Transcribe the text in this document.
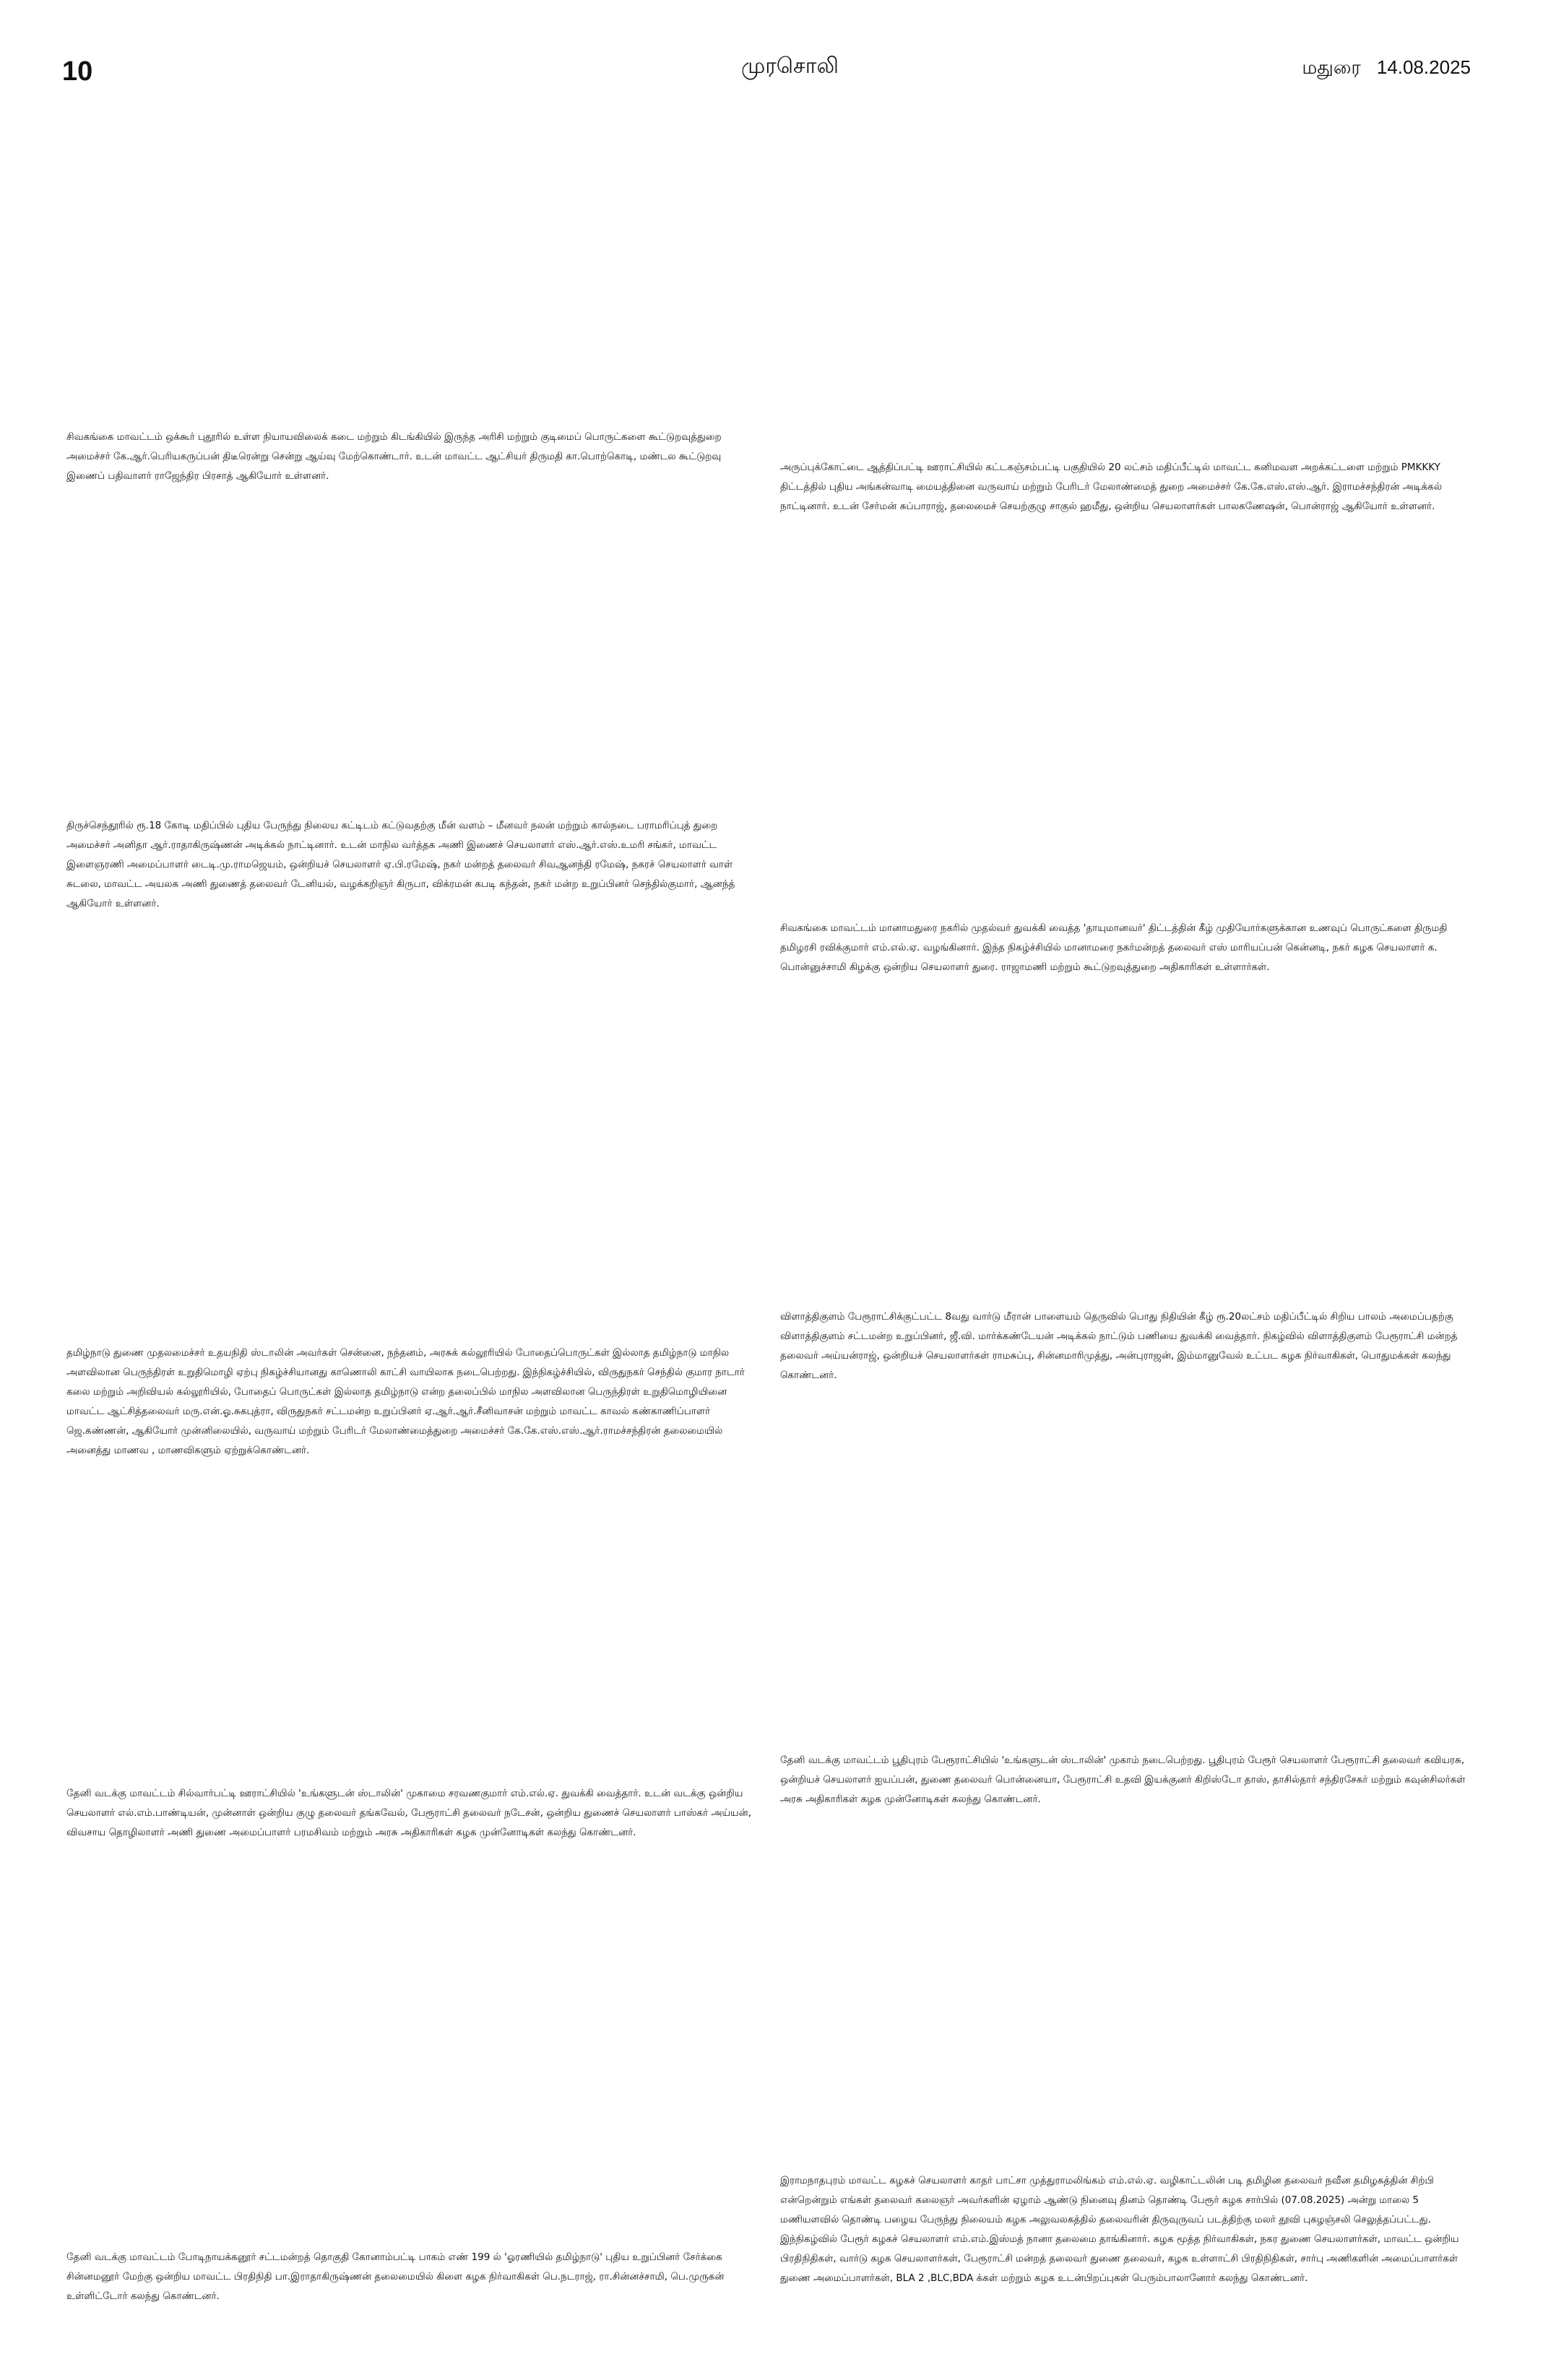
10	முரசொலி	மதுரை 14.08.2025
சிவகங்கை மாவட்டம் ஒக்கூர் புதூரில் உள்ள நியாயவிலைக் கடை மற்றும் கிடங்கியில் இருந்த அரிசி மற்றும் குடிமைப் பொருட்களை கூட்டுறவுத்துறை அமைச்சர் கே.ஆர்.பெரியகருப்பன் திடீரென்று சென்று ஆய்வு மேற்கொண்டார். உடன் மாவட்ட ஆட்சியர் திருமதி கா.பொற்கொடி, மண்டல கூட்டுறவு இணைப் பதிவாளர் ராஜேந்திர பிரசாத் ஆகியோர் உள்ளனர்.
அருப்புக்கோட்டை ஆத்திப்பட்டி ஊராட்சியில் கட்டகஞ்சம்பட்டி பகுதியில் 20 லட்சம் மதிப்பீட்டில் மாவட்ட கனிமவள அறக்கட்டளை மற்றும் PMKKKY திட்டத்தில் புதிய அங்கன்வாடி மையத்தினை வருவாய் மற்றும் பேரிடர் மேலாண்மைத் துறை அமைச்சர் கே.கே.எஸ்.எஸ்.ஆர். இராமச்சந்திரன் அடிக்கல் நாட்டினார். உடன் சேர்மன் சுப்பாராஜ், தலைமைச் செயற்குழு சாகுல் ஹமீது, ஒன்றிய செயலாளர்கள் பாலகணேஷன், பொன்ராஜ் ஆகியோர் உள்ளனர்.
திருச்செந்தூரில் ரூ.18 கோடி மதிப்பில் புதிய பேருந்து நிலைய கட்டிடம் கட்டுவதற்கு மீன் வளம் – மீனவர் நலன் மற்றும் கால்நடை பராமரிப்புத் துறை அமைச்சர் அனிதா ஆர்.ராதாகிருஷ்ணன் அடிக்கல் நாட்டினார். உடன் மாநில வர்த்தக அணி இணைச் செயலாளர் எஸ்.ஆர்.எஸ்.உமரி சங்கர், மாவட்ட இளைஞரணி அமைப்பாளர் டைடி.மு.ராமஜெயம், ஒன்றியச் செயலாளர் ஏ.பி.ரமேஷ், நகர் மன்றத் தலைவர் சிவஆனந்தி ரமேஷ், நகரச் செயலாளர் வாள் சுடலை, மாவட்ட அயலக அணி துணைத் தலைவர் டேனியல், வழக்கறிஞர் கிருபா, விக்ரமன் கபடி கந்தன், நகர் மன்ற உறுப்பினர் செந்தில்குமார், ஆனந்த் ஆகியோர் உள்ளனர்.
சிவகங்கை மாவட்டம் மானாமதுரை நகரில் முதல்வர் துவக்கி வைத்த 'தாயுமானவர்' திட்டத்தின் கீழ் முதியோர்களுக்கான உணவுப் பொருட்களை திருமதி தமிழரசி ரவிக்குமார் எம்.எல்.ஏ. வழங்கினார். இந்த நிகழ்ச்சியில் மானாமரை நகர்மன்றத் தலைவர் எஸ் மாரியப்பன் கென்னடி, நகர் கழக செயலாளர் க. பொன்னுச்சாமி கிழக்கு ஒன்றிய செயலாளர் துரை. ராஜாமணி மற்றும் கூட்டுறவுத்துறை அதிகாரிகள் உள்ளார்கள்.
விளாத்திகுளம் பேரூராட்சிக்குட்பட்ட 8வது வார்டு மீரான் பாளையம் தெருவில் பொது நிதியின் கீழ் ரூ.20லட்சம் மதிப்பீட்டில் சிறிய பாலம் அமைப்பதற்கு விளாத்திகுளம் சட்டமன்ற உறுப்பினர், ஜீ.வி. மார்க்கண்டேயன் அடிக்கல் நாட்டும் பணியை துவக்கி வைத்தார். நிகழ்வில் விளாத்திகுளம் பேரூராட்சி மன்றத் தலைவர் அய்யன்ராஜ், ஒன்றியச் செயலாளர்கள் ராமசுப்பு, சின்னமாரிமுத்து, அன்புராஜன், இம்மானுவேல் உட்பட கழக நிர்வாகிகள், பொதுமக்கள் கலந்து கொண்டனர்.
தமிழ்நாடு துணை முதலமைச்சர் உதயநிதி ஸ்டாலின் அவர்கள் சென்னை, நந்தனம், அரசுக் கல்லூரியில் போதைப்பொருட்கள் இல்லாத தமிழ்நாடு மாநில அளவிலான பெருந்திரள் உறுதிமொழி ஏற்பு நிகழ்ச்சியானது காணொலி காட்சி வாயிலாக நடைபெற்றது. இந்நிகழ்ச்சியில், விருதுநகர் செந்தில் குமார நாடார் கலை மற்றும் அறிவியல் கல்லூரியில், போதைப் பொருட்கள் இல்லாத தமிழ்நாடு என்ற தலைப்பில் மாநில அளவிலான பெருந்திரள் உறுதிமொழியினை மாவட்ட ஆட்சித்தலைவர் மரு.என்.ஓ.சுகபுத்ரா, விருதுநகர் சட்டமன்ற உறுப்பினர் ஏ.ஆர்.ஆர்.சீனிவாசன் மற்றும் மாவட்ட காவல் கண்காணிப்பாளர் ஜெ.கண்ணன், ஆகியோர் முன்னிலையில், வருவாய் மற்றும் பேரிடர் மேலாண்மைத்துறை அமைச்சர் கே.கே.எஸ்.எஸ்.ஆர்.ராமச்சந்திரன் தலைமையில் அனைத்து மாணவ , மாணவிகளும் ஏற்றுக்கொண்டனர்.
தேனி வடக்கு மாவட்டம் பூதிபுரம் பேரூராட்சியில் 'உங்களுடன் ஸ்டாலின்' முகாம் நடைபெற்றது. பூதிபுரம் பேரூர் செயலாளர் பேரூராட்சி தலைவர் கவியரசு, ஒன்றியச் செயலாளர் ஐயப்பன், துணை தலைவர் பொன்னையா, பேரூராட்சி உதவி இயக்குனர் கிறிஸ்டோ தாஸ், தாசில்தார் சந்திரசேகர் மற்றும் கவுன்சிலர்கள் அரசு அதிகாரிகள் கழக முன்னோடிகள் கலந்து கொண்டனர்.
தேனி வடக்கு மாவட்டம் சில்வார்பட்டி ஊராட்சியில் 'உங்களுடன் ஸ்டாலின்' முகாமை சரவணகுமார் எம்.எல்.ஏ. துவக்கி வைத்தார். உடன் வடக்கு ஒன்றிய செயலாளர் எல்.எம்.பாண்டியன், முன்னாள் ஒன்றிய குழு தலைவர் தங்கவேல், பேரூராட்சி தலைவர் நடேசன், ஒன்றிய துணைச் செயலாளர் பாஸ்கர் அய்யன், விவசாய தொழிலாளர் அணி துணை அமைப்பாளர் பரமசிவம் மற்றும் அரசு அதிகாரிகள் கழக முன்னோடிகள் கலந்து கொண்டனர்.
இராமநாதபுரம் மாவட்ட கழகச் செயலாளர் காதர் பாட்சா முத்துராமலிங்கம் எம்.எல்.ஏ. வழிகாட்டலின் படி தமிழின தலைவர் நவீன தமிழகத்தின் சிற்பி என்றென்றும் எங்கள் தலைவர் கலைஞர் அவர்களின் ஏழாம் ஆண்டு நினைவு தினம் தொண்டி பேரூர் கழக சார்பில் (07.08.2025) அன்று மாலை 5 மணியளவில் தொண்டி பழைய பேருந்து நிலையம் கழக அலுவலகத்தில் தலைவரின் திருவுருவப் படத்திற்கு மலர் தூவி புகழஞ்சலி செலுத்தப்பட்டது. இந்நிகழ்வில் பேரூர் கழகச் செயலாளர் எம்.எம்.இஸ்மத் நானா தலைமை தாங்கினார். கழக மூத்த நிர்வாகிகள், நகர துணை செயலாளர்கள், மாவட்ட ஒன்றிய பிரதிநிதிகள், வார்டு கழக செயலாளர்கள், பேரூராட்சி மன்றத் தலைவர் துணை தலைவர், கழக உள்ளாட்சி பிரதிநிதிகள், சார்பு அணிகளின் அமைப்பாளர்கள் துணை அமைப்பாளர்கள், BLA 2 ,BLC,BDA க்கள் மற்றும் கழக உடன்பிறப்புகள் பெரும்பாலானோர் கலந்து கொண்டனர்.
தேனி வடக்கு மாவட்டம் போடிநாயக்கனூர் சட்டமன்றத் தொகுதி கோனாம்பட்டி பாகம் எண் 199 ல் 'ஓரணியில் தமிழ்நாடு' புதிய உறுப்பினர் சேர்க்கை சின்னமனூர் மேற்கு ஒன்றிய மாவட்ட பிரதிநிதி பா.இராதாகிருஷ்ணன் தலைமையில் கிளை கழக நிர்வாகிகள் பெ.நடராஜ், ரா.சின்னச்சாமி, பெ.முருகன் உள்ளிட்டோர் கலந்து கொண்டனர்.
